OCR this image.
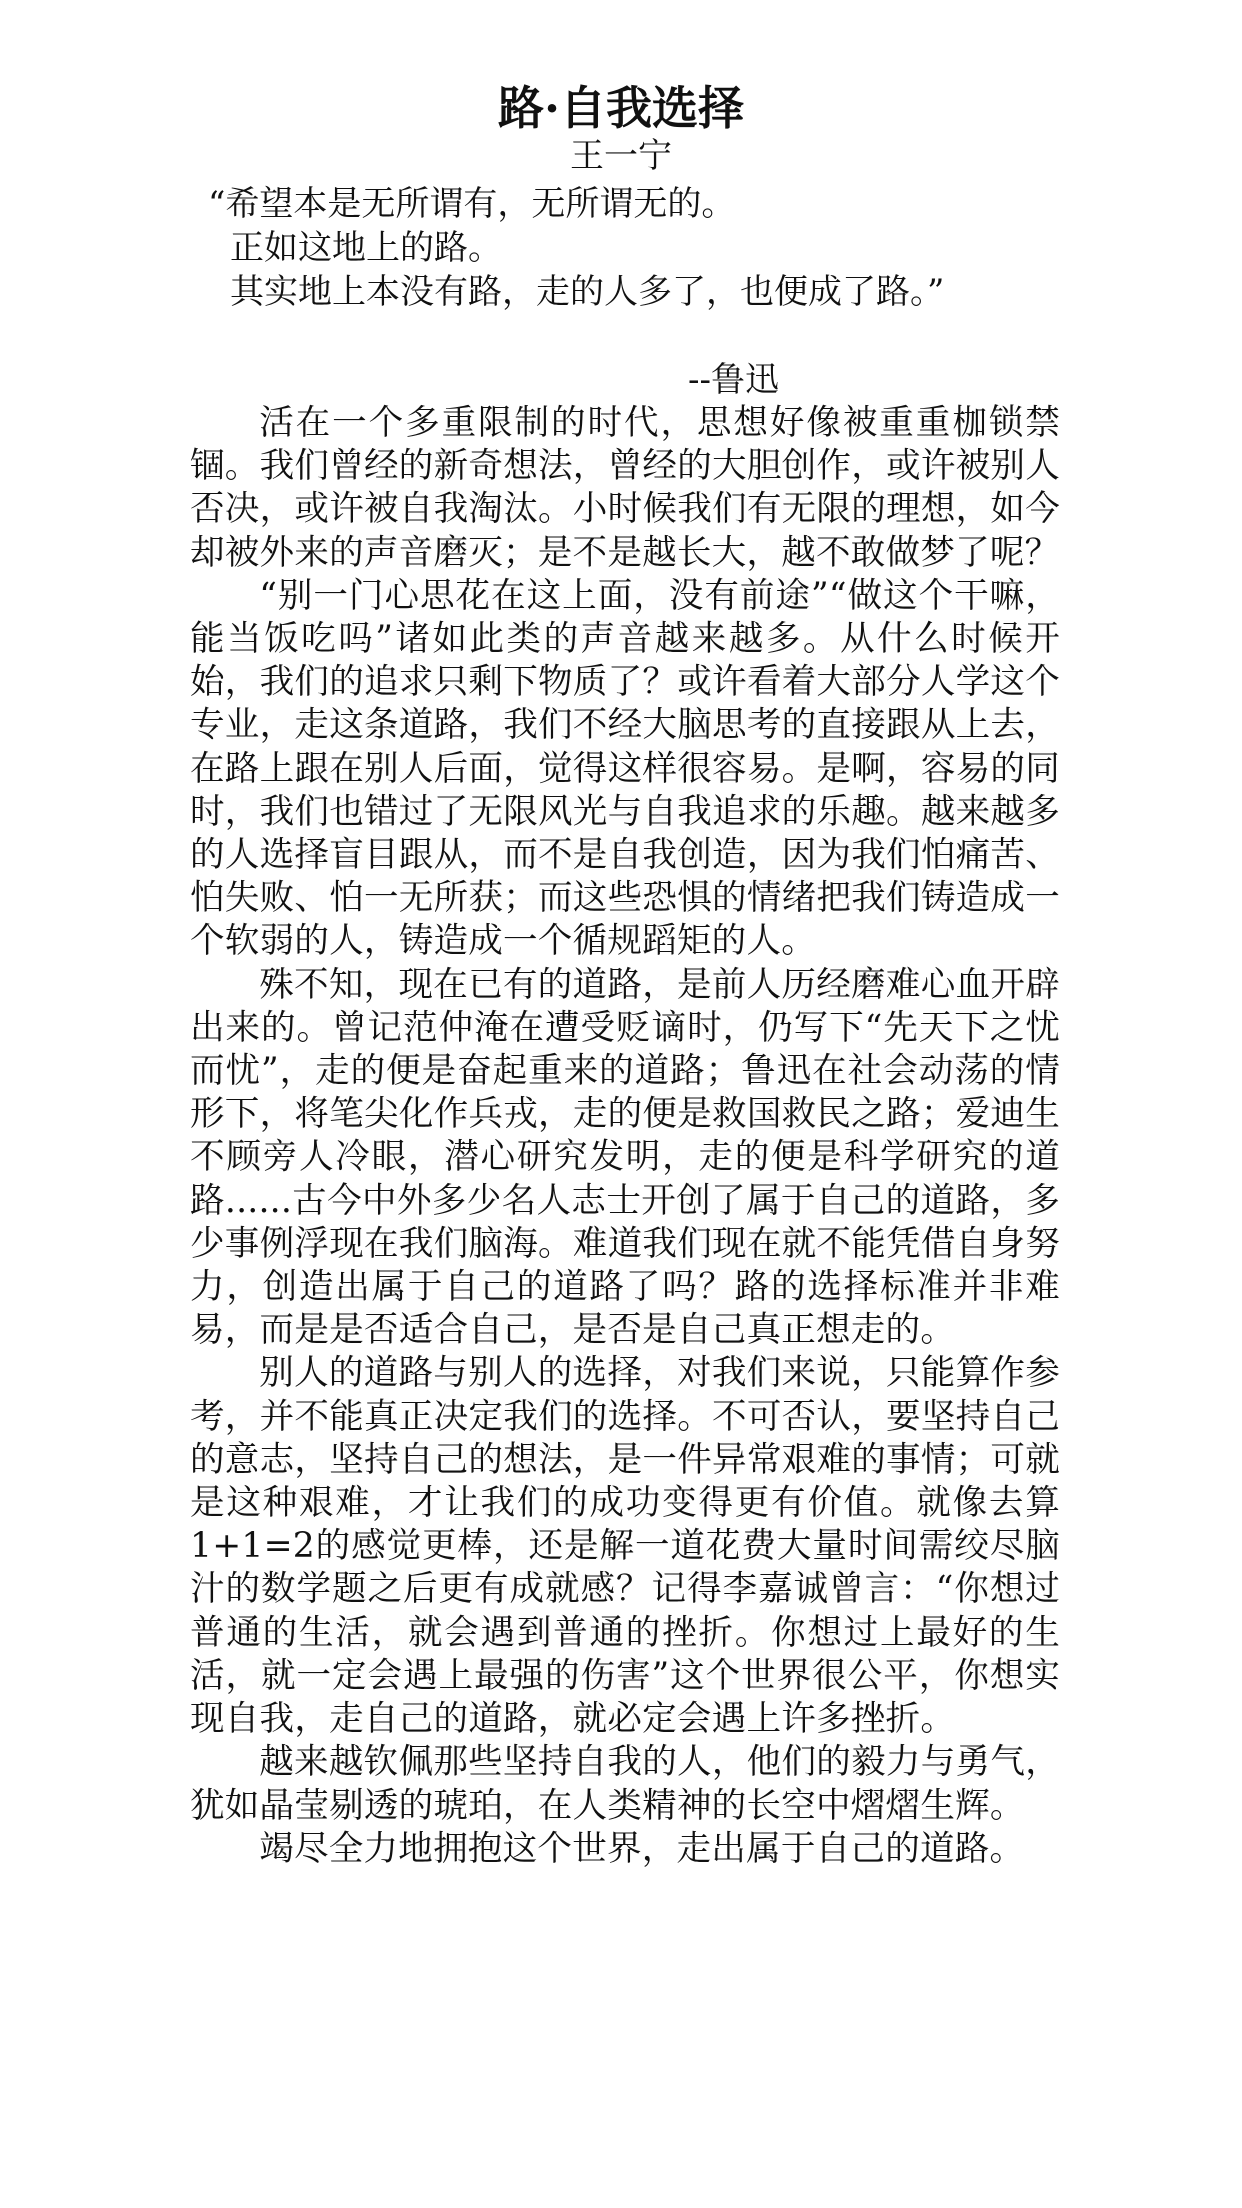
路·自我选择
王一宁
“希望本是无所谓有，无所谓无的。
正如这地上的路。
其实地上本没有路，走的人多了，也便成了路。”
--鲁迅

活在一个多重限制的时代，思想好像被重重枷锁禁锢。我们曾经的新奇想法，曾经的大胆创作，或许被别人否决，或许被自我淘汰。小时候我们有无限的理想，如今却被外来的声音磨灭；是不是越长大，越不敢做梦了呢？

“别一门心思花在这上面，没有前途”“做这个干嘛，能当饭吃吗”诸如此类的声音越来越多。从什么时候开始，我们的追求只剩下物质了？或许看着大部分人学这个专业，走这条道路，我们不经大脑思考的直接跟从上去，在路上跟在别人后面，觉得这样很容易。是啊，容易的同时，我们也错过了无限风光与自我追求的乐趣。越来越多的人选择盲目跟从，而不是自我创造，因为我们怕痛苦、怕失败、怕一无所获；而这些恐惧的情绪把我们铸造成一个软弱的人，铸造成一个循规蹈矩的人。

殊不知，现在已有的道路，是前人历经磨难心血开辟出来的。曾记范仲淹在遭受贬谪时，仍写下“先天下之忧而忧”，走的便是奋起重来的道路；鲁迅在社会动荡的情形下，将笔尖化作兵戎，走的便是救国救民之路；爱迪生不顾旁人冷眼，潜心研究发明，走的便是科学研究的道路......古今中外多少名人志士开创了属于自己的道路，多少事例浮现在我们脑海。难道我们现在就不能凭借自身努力，创造出属于自己的道路了吗？路的选择标准并非难易，而是是否适合自己，是否是自己真正想走的。

别人的道路与别人的选择，对我们来说，只能算作参考，并不能真正决定我们的选择。不可否认，要坚持自己的意志，坚持自己的想法，是一件异常艰难的事情；可就是这种艰难，才让我们的成功变得更有价值。就像去算1+1=2的感觉更棒，还是解一道花费大量时间需绞尽脑汁的数学题之后更有成就感？记得李嘉诚曾言：“你想过普通的生活，就会遇到普通的挫折。你想过上最好的生活，就一定会遇上最强的伤害”这个世界很公平，你想实现自我，走自己的道路，就必定会遇上许多挫折。

越来越钦佩那些坚持自我的人，他们的毅力与勇气，犹如晶莹剔透的琥珀，在人类精神的长空中熠熠生辉。

竭尽全力地拥抱这个世界，走出属于自己的道路。
